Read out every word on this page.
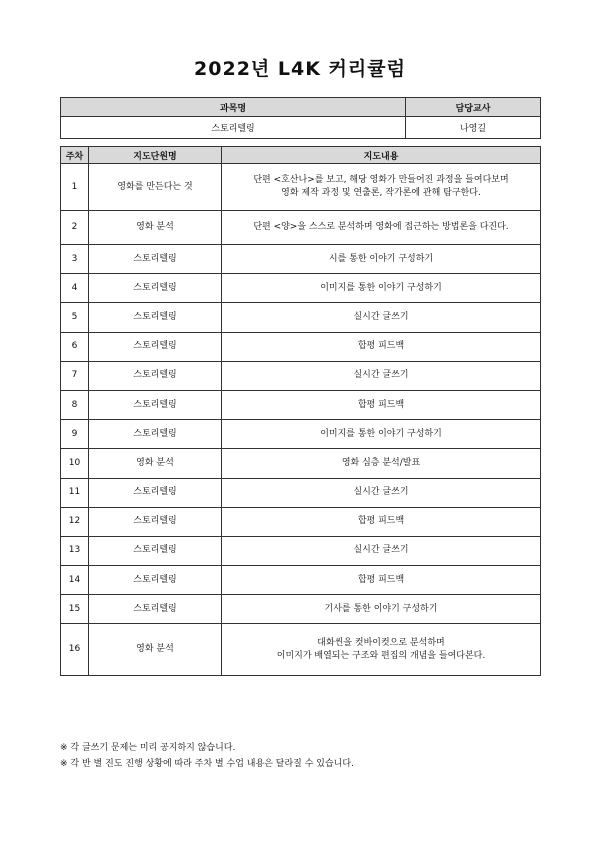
2022년 L4K 커리큘럼
과목명	담당교사
스토리텔링	나영길
주차	지도단원명	지도내용
1	영화를 만든다는 것	단편 <호산나>를 보고, 해당 영화가 만들어진 과정을 들여다보며
영화 제작 과정 및 연출론, 작가론에 관해 탐구한다.

2	영화 분석	단편 <양>을 스스로 분석하며 영화에 접근하는 방법론을 다진다.

3	스토리텔링	시를 통한 이야기 구성하기

4	스토리텔링	이미지를 통한 이야기 구성하기

5	스토리텔링	실시간 글쓰기

6	스토리텔링	합평 피드백

7	스토리텔링	실시간 글쓰기

8	스토리텔링	합평 피드백

9	스토리텔링	이미지를 통한 이야기 구성하기

10	영화 분석	영화 심층 분석/발표

11	스토리텔링	실시간 글쓰기

12	스토리텔링	합평 피드백

13	스토리텔링	실시간 글쓰기

14	스토리텔링	합평 피드백

15	스토리텔링	기사를 통한 이야기 구성하기

16	영화 분석	대화씬을 컷바이컷으로 분석하며
이미지가 배열되는 구조와 편집의 개념을 들여다본다.
※ 각 글쓰기 문제는 미리 공지하지 않습니다.
※ 각 반 별 진도 진행 상황에 따라 주차 별 수업 내용은 달라질 수 있습니다.
